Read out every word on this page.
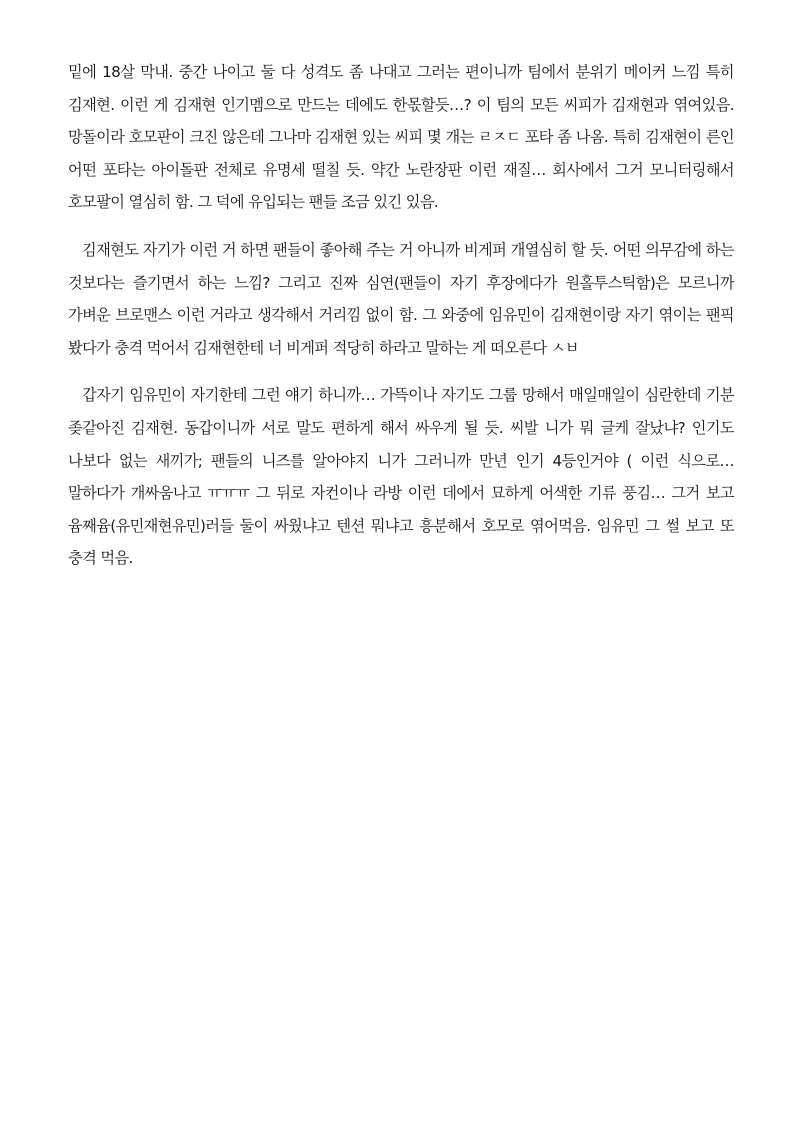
밑에 18살 막내. 중간 나이고 둘 다 성격도 좀 나대고 그러는 편이니까 팀에서 분위기 메이커 느낌 특히 김재현. 이런 게 김재현 인기멤으로 만드는 데에도 한몫할듯…? 이 팀의 모든 씨피가 김재현과 엮여있음. 망돌이라 호모판이 크진 않은데 그나마 김재현 있는 씨피 몇 개는 ㄹㅈㄷ 포타 좀 나옴. 특히 김재현이 른인 어떤 포타는 아이돌판 전체로 유명세 떨칠 듯. 약간 노란장판 이런 재질… 회사에서 그거 모니터링해서 호모팔이 열심히 함. 그 덕에 유입되는 팬들 조금 있긴 있음.

김재현도 자기가 이런 거 하면 팬들이 좋아해 주는 거 아니까 비게퍼 개열심히 할 듯. 어떤 의무감에 하는 것보다는 즐기면서 하는 느낌? 그리고 진짜 심연(팬들이 자기 후장에다가 원홀투스틱함)은 모르니까 가벼운 브로맨스 이런 거라고 생각해서 거리낌 없이 함. 그 와중에 임유민이 김재현이랑 자기 엮이는 팬픽 봤다가 충격 먹어서 김재현한테 너 비게퍼 적당히 하라고 말하는 게 떠오른다 ㅅㅂ

갑자기 임유민이 자기한테 그런 얘기 하니까… 가뜩이나 자기도 그룹 망해서 매일매일이 심란한데 기분 좆같아진 김재현. 동갑이니까 서로 말도 편하게 해서 싸우게 될 듯. 씨발 니가 뭐 글케 잘났냐? 인기도 나보다 없는 새끼가; 팬들의 니즈를 알아야지 니가 그러니까 만년 인기 4등인거야 ( 이런 식으로… 말하다가 개싸움나고 ㅠㅠㅠ 그 뒤로 자컨이나 라방 이런 데에서 묘하게 어색한 기류 풍김… 그거 보고 윰째윰(유민재현유민)러들 둘이 싸웠냐고 텐션 뭐냐고 흥분해서 호모로 엮어먹음. 임유민 그 썰 보고 또 충격 먹음.
